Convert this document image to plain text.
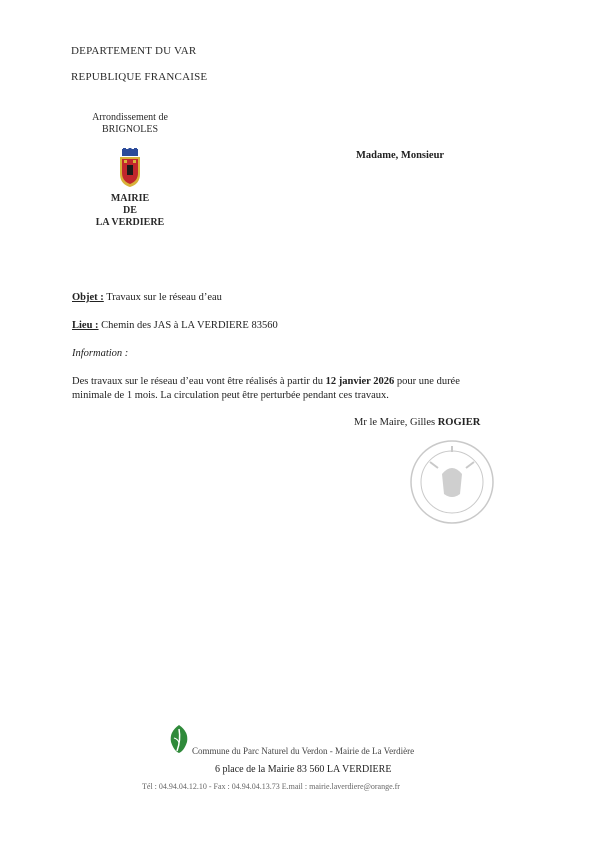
DEPARTEMENT DU VAR
REPUBLIQUE FRANCAISE
Arrondissement de
BRIGNOLES
MAIRIE
DE
LA VERDIERE
Madame, Monsieur
Objet : Travaux sur le réseau d’eau
Lieu : Chemin des JAS à LA VERDIERE 83560
Information :
Des travaux sur le réseau d’eau vont être réalisés à partir du 12 janvier 2026 pour une durée
minimale de 1 mois. La circulation peut être perturbée pendant ces travaux.
Mr le Maire, Gilles ROGIER
Commune du Parc Naturel du Verdon - Mairie de La Verdière
6 place de la Mairie 83 560 LA VERDIERE
Tél : 04.94.04.12.10 - Fax : 04.94.04.13.73 E.mail : mairie.laverdiere@orange.fr
